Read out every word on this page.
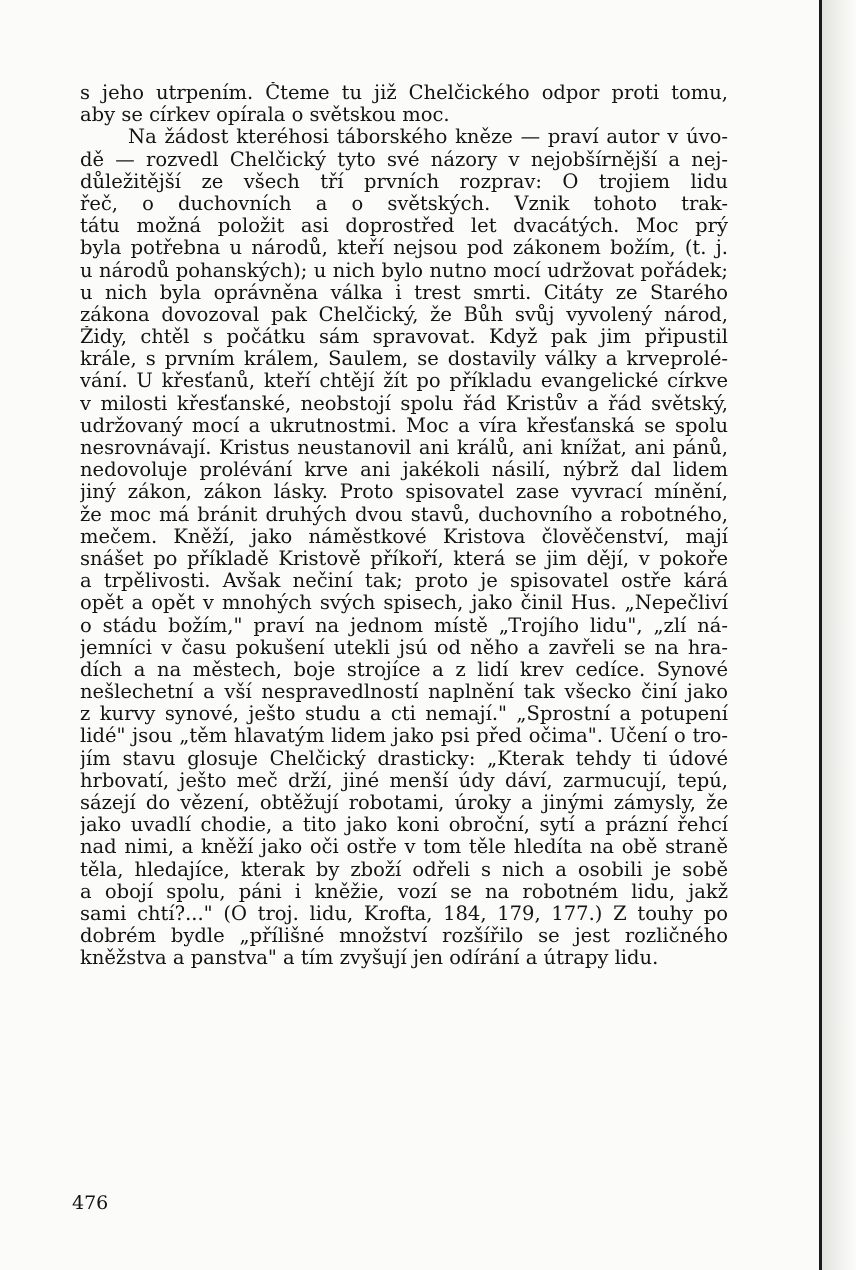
s jeho utrpením. Čteme tu již Chelčického odpor proti tomu,
aby se církev opírala o světskou moc.
Na žádost kteréhosi táborského kněze — praví autor v úvo-
dě — rozvedl Chelčický tyto své názory v nejobšírnější a nej-
důležitější ze všech tří prvních rozprav: O trojiem lidu
řeč, o duchovních a o světských. Vznik tohoto trak-
tátu možná položit asi doprostřed let dvacátých. Moc prý
byla potřebna u národů, kteří nejsou pod zákonem božím, (t. j.
u národů pohanských); u nich bylo nutno mocí udržovat pořádek;
u nich byla oprávněna válka i trest smrti. Citáty ze Starého
zákona dovozoval pak Chelčický, že Bůh svůj vyvolený národ,
Židy, chtěl s počátku sám spravovat. Když pak jim připustil
krále, s prvním králem, Saulem, se dostavily války a krveprolé-
vání. U křesťanů, kteří chtějí žít po příkladu evangelické církve
v milosti křesťanské, neobstojí spolu řád Kristův a řád světský,
udržovaný mocí a ukrutnostmi. Moc a víra křesťanská se spolu
nesrovnávají. Kristus neustanovil ani králů, ani knížat, ani pánů,
nedovoluje prolévání krve ani jakékoli násilí, nýbrž dal lidem
jiný zákon, zákon lásky. Proto spisovatel zase vyvrací mínění,
že moc má bránit druhých dvou stavů, duchovního a robotného,
mečem. Kněží, jako náměstkové Kristova člověčenství, mají
snášet po příkladě Kristově příkoří, která se jim dějí, v pokoře
a trpělivosti. Avšak nečiní tak; proto je spisovatel ostře kárá
opět a opět v mnohých svých spisech, jako činil Hus. „Nepečliví
o stádu božím," praví na jednom místě „Trojího lidu", „zlí ná-
jemníci v času pokušení utekli jsú od něho a zavřeli se na hra-
dích a na městech, boje strojíce a z lidí krev cedíce. Synové
nešlechetní a vší nespravedlností naplnění tak všecko činí jako
z kurvy synové, ješto studu a cti nemají." „Sprostní a potupení
lidé" jsou „těm hlavatým lidem jako psi před očima". Učení o tro-
jím stavu glosuje Chelčický drasticky: „Kterak tehdy ti údové
hrbovatí, ješto meč drží, jiné menší údy dáví, zarmucují, tepú,
sázejí do vězení, obtěžují robotami, úroky a jinými zámysly, že
jako uvadlí chodie, a tito jako koni obroční, sytí a prázní řehcí
nad nimi, a kněží jako oči ostře v tom těle hledíta na obě straně
těla, hledajíce, kterak by zboží odřeli s nich a osobili je sobě
a obojí spolu, páni i kněžie, vozí se na robotném lidu, jakž
sami chtí?..." (O troj. lidu, Krofta, 184, 179, 177.) Z touhy po
dobrém bydle „přílišné množství rozšířilo se jest rozličného
kněžstva a panstva" a tím zvyšují jen odírání a útrapy lidu.
476
